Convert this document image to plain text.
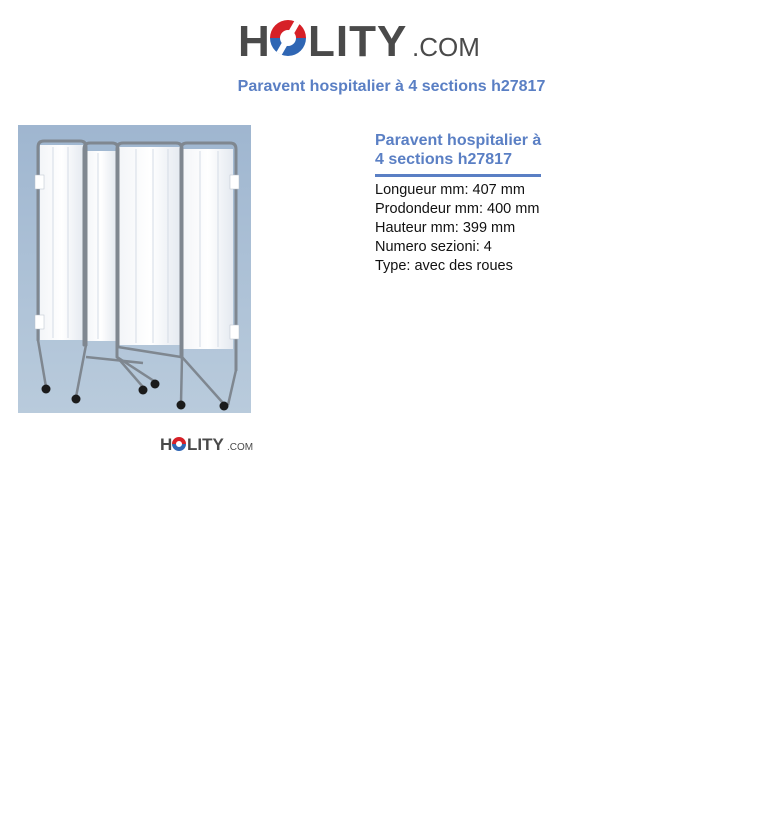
H LITY .COM
Paravent hospitalier à 4 sections h27817
H LITY .COM
Paravent hospitalier à 4 sections h27817
Longueur mm: 407 mm
Prodondeur mm: 400 mm
Hauteur mm: 399 mm
Numero sezioni: 4
Type: avec des roues
